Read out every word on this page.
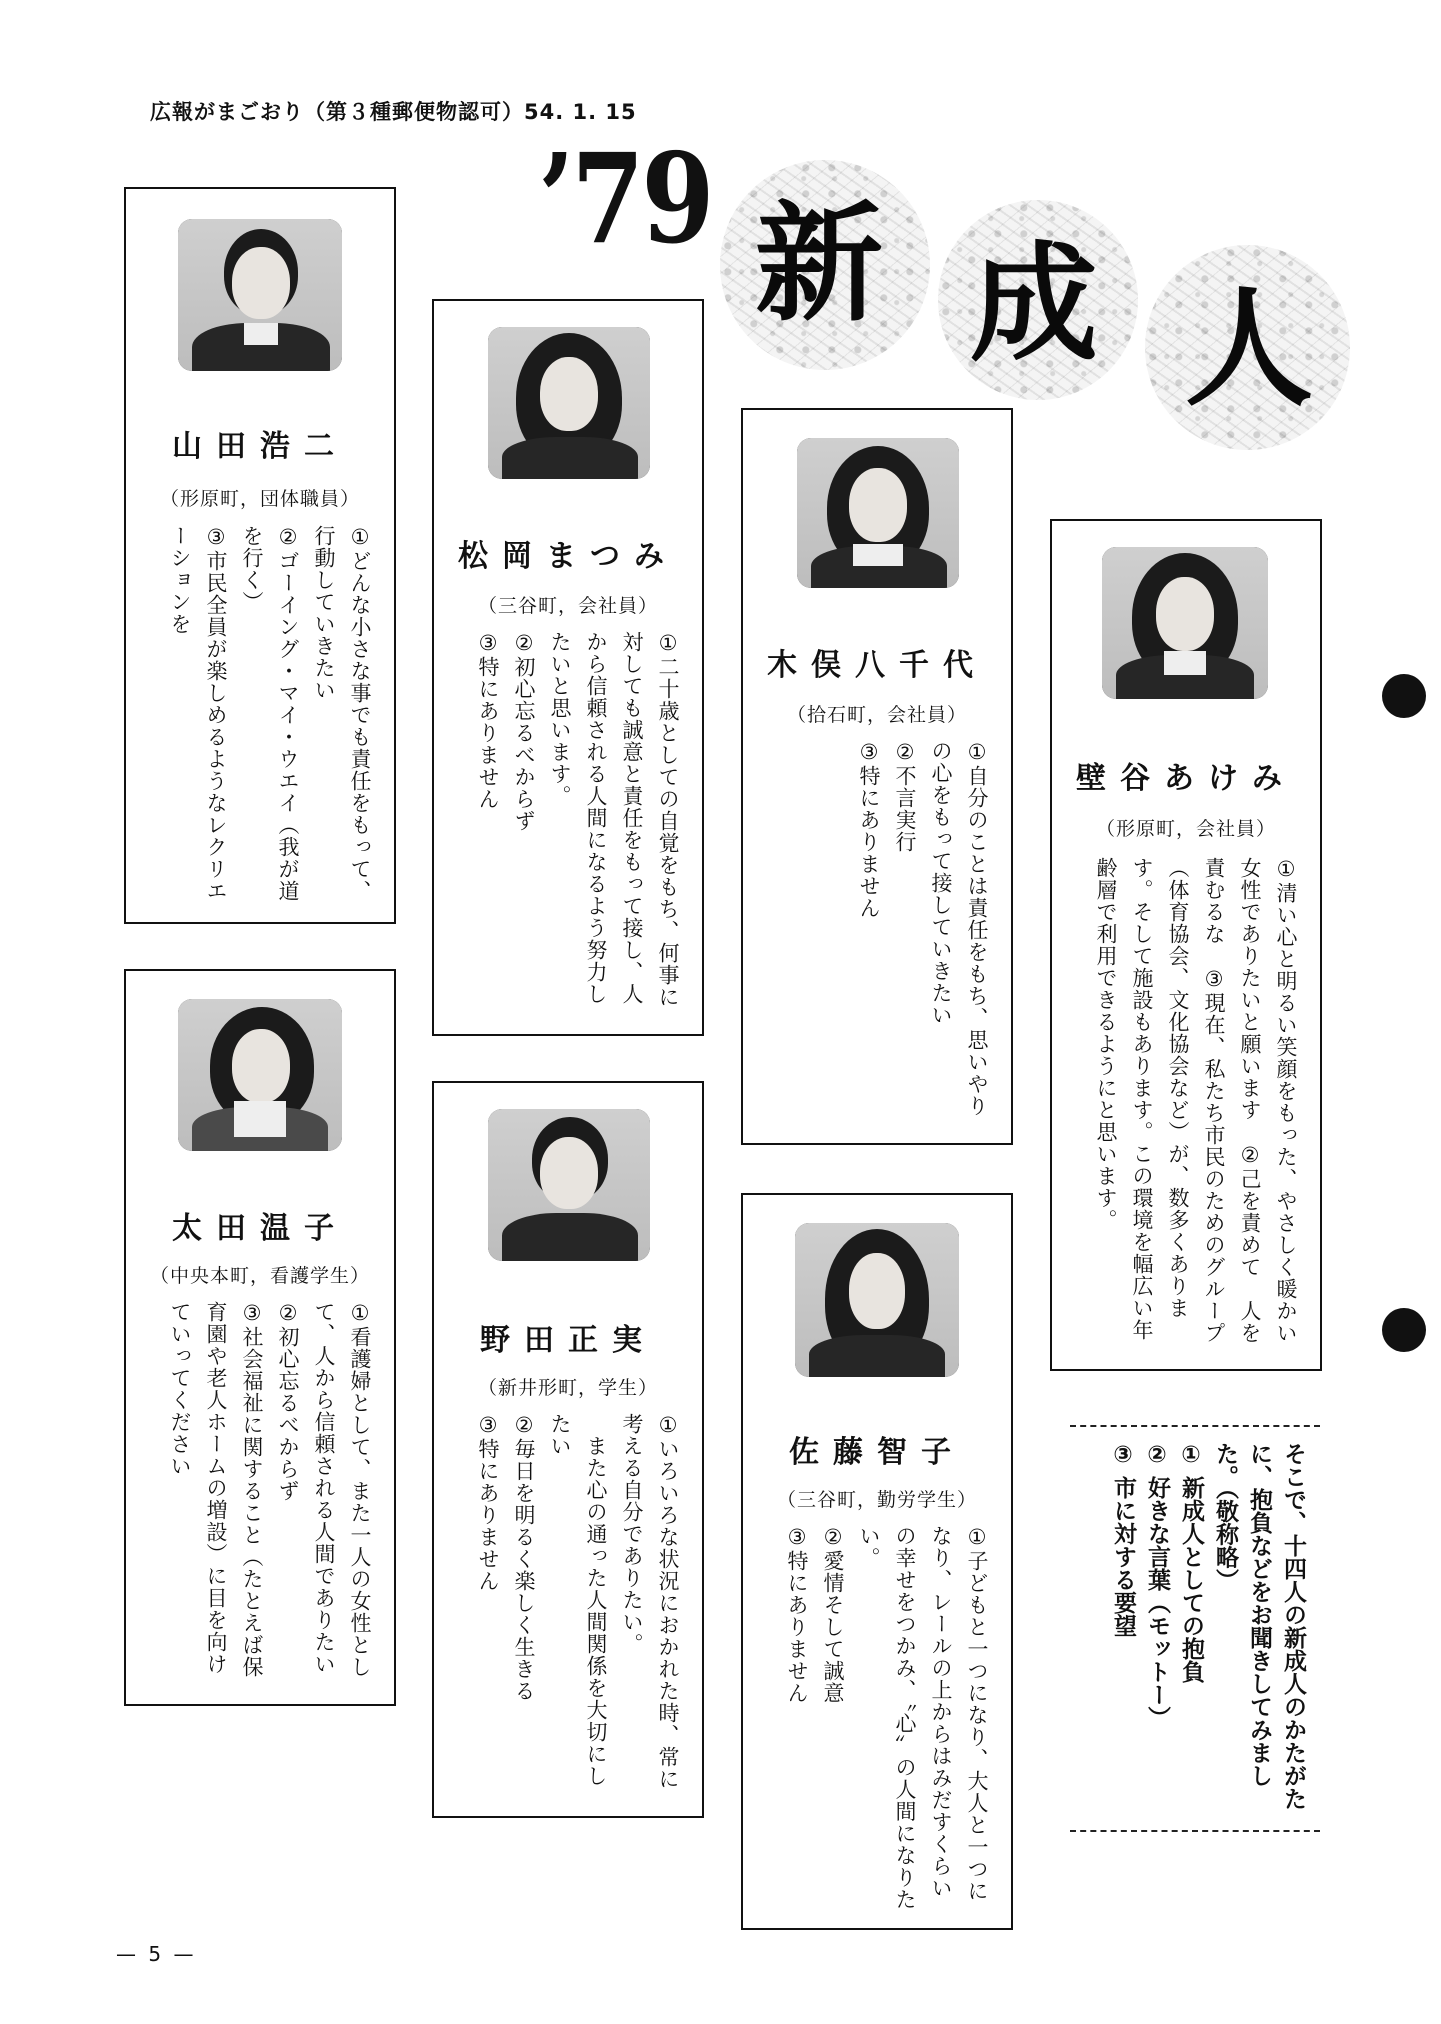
広報がまごおり（第３種郵便物認可）54. 1. 15
’79 新 成 人
山田浩二
（形原町，団体職員）
①どんな小さな事でも責任をもって、行動していきたい
②ゴーイング・マイ・ウエイ（我が道を行く）
③市民全員が楽しめるようなレクリエーションを	松岡まつみ
（三谷町，会社員）
①二十歳としての自覚をもち、何事に対しても誠意と責任をもって接し、人から信頼される人間になるよう努力したいと思います。
②初心忘るべからず
③特にありません	木俣八千代
（拾石町，会社員）
①自分のことは責任をもち、思いやりの心をもって接していきたい
②不言実行
③特にありません	壁谷あけみ
（形原町，会社員）
①清い心と明るい笑顔をもった、やさしく暖かい女性でありたいと願います　②己を責めて　人を責むるな　③現在、私たち市民のためのグループ（体育協会、文化協会など）が、数多くあります。そして施設もあります。この環境を幅広い年齢層で利用できるようにと思います。
太田温子
（中央本町，看護学生）
①看護婦として、また一人の女性として、人から信頼される人間でありたい
②初心忘るべからず
③社会福祉に関すること（たとえば保育園や老人ホームの増設）に目を向けていってください	野田正実
（新井形町，学生）
①いろいろな状況におかれた時、常に考える自分でありたい。
　また心の通った人間関係を大切にしたい
②毎日を明るく楽しく生きる
③特にありません	佐藤智子
（三谷町，勤労学生）
①子どもと一つになり、大人と一つになり、レールの上からはみだすくらいの幸せをつかみ、〝心〟の人間になりたい。
②愛情そして誠意
③特にありません	そこで、十四人の新成人のかたがたに、抱負などをお聞きしてみました。（敬称略）
① 新成人としての抱負
② 好きな言葉（モットー）
③ 市に対する要望
— 5 —
